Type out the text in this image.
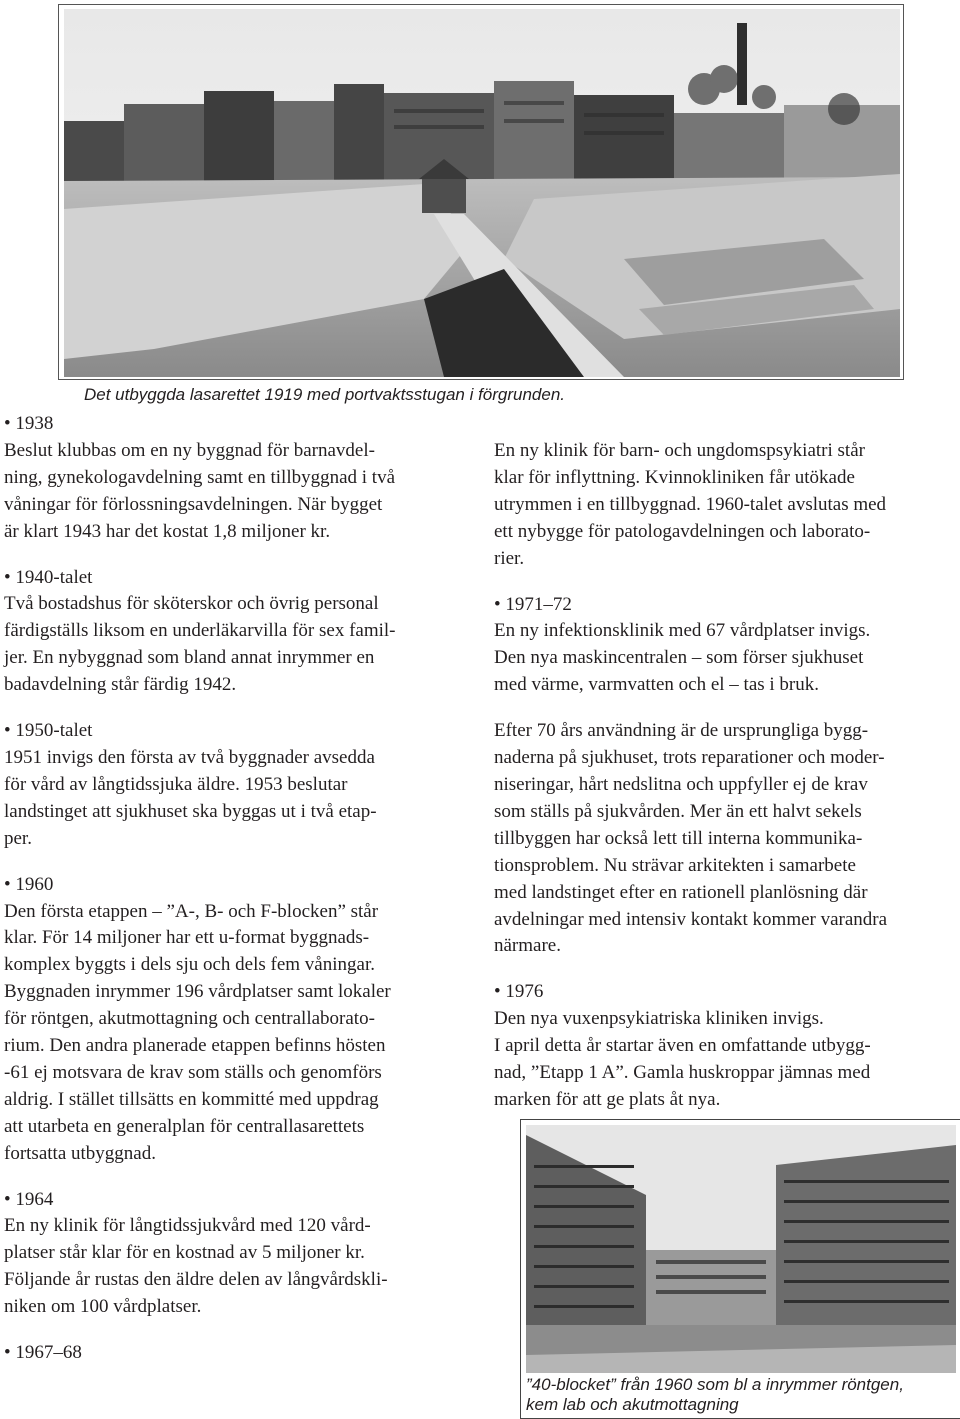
Det utbyggda lasarettet 1919 med portvaktsstugan i förgrunden.

• 1938

Beslut klubbas om en ny byggnad för barnavdel-

ning, gynekologavdelning samt en tillbyggnad i två

våningar för förlossningsavdelningen. När bygget

är klart 1943 har det kostat 1,8 miljoner kr.

• 1940-talet

Två bostadshus för sköterskor och övrig personal

färdigställs liksom en underläkarvilla för sex famil-

jer. En nybyggnad som bland annat inrymmer en

badavdelning står färdig 1942.

• 1950-talet

1951 invigs den första av två byggnader avsedda

för vård av långtidssjuka äldre. 1953 beslutar

landstinget att sjukhuset ska byggas ut i två etap-

per.

• 1960

Den första etappen – ”A-, B- och F-blocken” står

klar. För 14 miljoner har ett u-format byggnads-

komplex byggts i dels sju och dels fem våningar.

Byggnaden inrymmer 196 vårdplatser samt lokaler

för röntgen, akutmottagning och centrallaborato-

rium. Den andra planerade etappen befinns hösten

-61 ej motsvara de krav som ställs och genomförs

aldrig. I stället tillsätts en kommitté med uppdrag

att utarbeta en generalplan för centrallasarettets

fortsatta utbyggnad.

• 1964

En ny klinik för långtidssjukvård med 120 vård-

platser står klar för en kostnad av 5 miljoner kr.

Följande år rustas den äldre delen av långvårdskli-

niken om 100 vårdplatser.

• 1967–68

En ny klinik för barn- och ungdomspsykiatri står

klar för inflyttning. Kvinnokliniken får utökade

utrymmen i en tillbyggnad. 1960-talet avslutas med

ett nybygge för patologavdelningen och laborato-

rier.

• 1971–72

En ny infektionsklinik med 67 vårdplatser invigs.

Den nya maskincentralen – som förser sjukhuset

med värme, varmvatten och el – tas i bruk.

Efter 70 års användning är de ursprungliga bygg-

naderna på sjukhuset, trots reparationer och moder-

niseringar, hårt nedslitna och uppfyller ej de krav

som ställs på sjukvården. Mer än ett halvt sekels

tillbyggen har också lett till interna kommunika-

tionsproblem. Nu strävar arkitekten i samarbete

med landstinget efter en rationell planlösning där

avdelningar med intensiv kontakt kommer varandra

närmare.

• 1976

Den nya vuxenpsykiatriska kliniken invigs.

I april detta år startar även en omfattande utbygg-

nad, ”Etapp 1 A”. Gamla huskroppar jämnas med

marken för att ge plats åt nya.

”40-blocket” från 1960 som bl a inrymmer röntgen,
kem lab och akutmottagning
